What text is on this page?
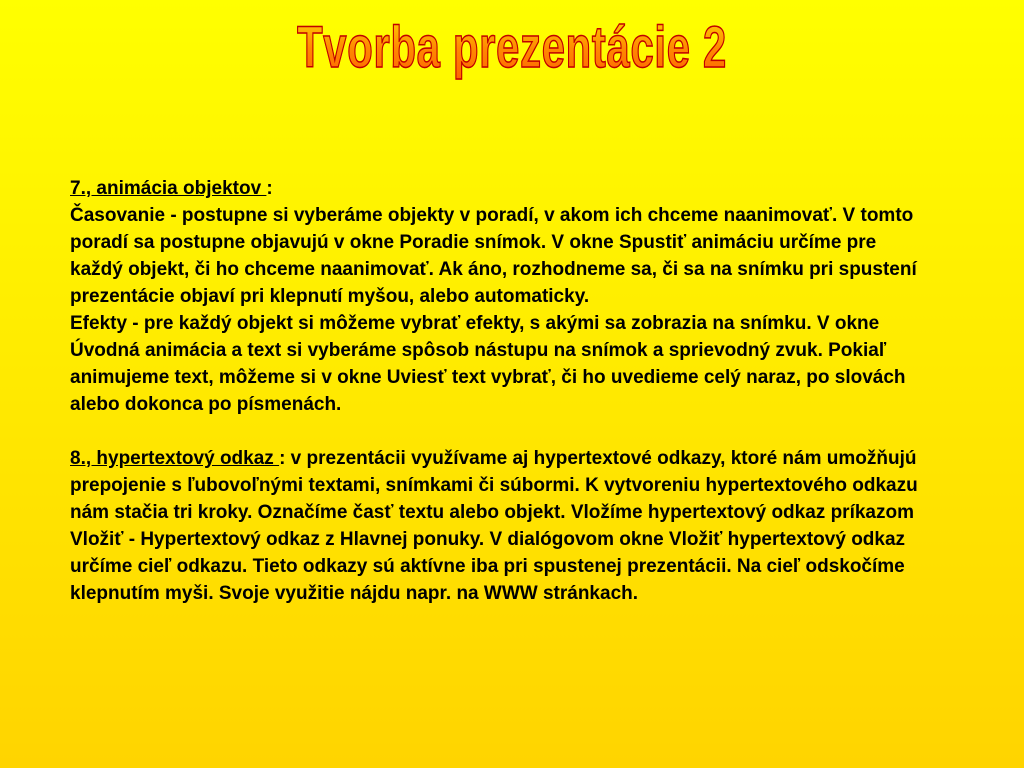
Tvorba prezentácie 2

7., animácia objektov :

Časovanie - postupne si vyberáme objekty v poradí, v akom ich chceme naanimovať. V tomto poradí sa postupne objavujú v okne Poradie snímok. V okne Spustiť animáciu určíme pre každý objekt, či ho chceme naanimovať. Ak áno, rozhodneme sa, či sa na snímku pri spustení prezentácie objaví pri klepnutí myšou, alebo automaticky.

Efekty - pre každý objekt si môžeme vybrať efekty, s akými sa zobrazia na snímku. V okne Úvodná animácia a text si vyberáme spôsob nástupu na snímok a sprievodný zvuk. Pokiaľ animujeme text, môžeme si v okne Uviesť text vybrať, či ho uvedieme celý naraz, po slovách alebo dokonca po písmenách.

8., hypertextový odkaz : v prezentácii využívame aj hypertextové odkazy, ktoré nám umožňujú prepojenie s ľubovoľnými textami, snímkami či súbormi. K vytvoreniu hypertextového odkazu nám stačia tri kroky. Označíme časť textu alebo objekt. Vložíme hypertextový odkaz príkazom Vložiť - Hypertextový odkaz z Hlavnej ponuky. V dialógovom okne Vložiť hypertextový odkaz určíme cieľ odkazu. Tieto odkazy sú aktívne iba pri spustenej prezentácii. Na cieľ odskočíme klepnutím myši. Svoje využitie nájdu napr. na WWW stránkach.
